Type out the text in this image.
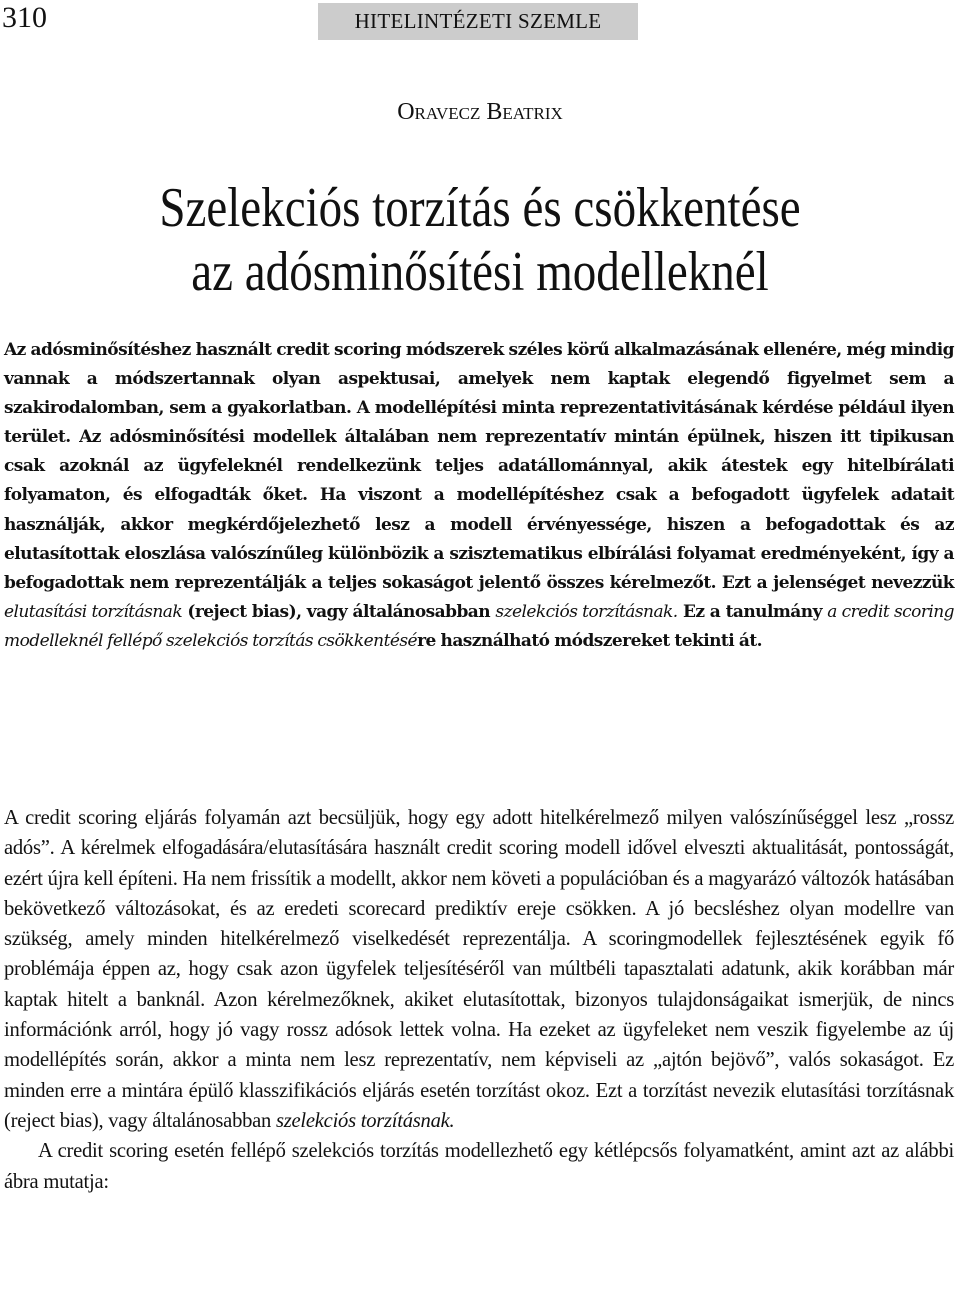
310	HITELINTÉZETI SZEMLE
Oravecz Beatrix
Szelekciós torzítás és csökkentése
az adósminősítési modelleknél

Az adósminősítéshez használt credit scoring módszerek széles körű alkalmazásának ellenére, még mindig vannak a módszertannak olyan aspektusai, amelyek nem kaptak elegendő figyelmet sem a szakirodalomban, sem a gyakorlatban. A modellépítési minta reprezentativitásának kérdése például ilyen terület. Az adósminősítési modellek általában nem reprezentatív mintán épülnek, hiszen itt tipikusan csak azoknál az ügyfeleknél rendelkezünk teljes adatállománnyal, akik átestek egy hitelbírálati folyamaton, és elfogadták őket. Ha viszont a modellépítéshez csak a befogadott ügyfelek adatait használják, akkor megkérdőjelezhető lesz a modell érvényessége, hiszen a befogadottak és az elutasítottak eloszlása valószínűleg különbözik a szisztematikus elbírálási folyamat eredményeként, így a befogadottak nem reprezentálják a teljes sokaságot jelentő összes kérelmezőt. Ezt a jelenséget nevezzük elutasítási torzításnak (reject bias), vagy általánosabban szelekciós torzításnak. Ez a tanulmány a credit scoring modelleknél fellépő szelekciós torzítás csökkentésére használható módszereket tekinti át.

A credit scoring eljárás folyamán azt becsüljük, hogy egy adott hitelkérelmező milyen valószínűséggel lesz „rossz adós”. A kérelmek elfogadására/elutasítására használt credit scoring modell idővel elveszti aktualitását, pontosságát, ezért újra kell építeni. Ha nem frissítik a modellt, akkor nem követi a populációban és a magyarázó változók hatásában bekövetkező változásokat, és az eredeti scorecard prediktív ereje csökken. A jó becsléshez olyan modellre van szükség, amely minden hitelkérelmező viselkedését reprezentálja. A scoringmodellek fejlesztésének egyik fő problémája éppen az, hogy csak azon ügyfelek teljesítéséről van múltbéli tapasztalati adatunk, akik korábban már kaptak hitelt a banknál. Azon kérelmezőknek, akiket elutasítottak, bizonyos tulajdonságaikat ismerjük, de nincs információnk arról, hogy jó vagy rossz adósok lettek volna. Ha ezeket az ügyfeleket nem veszik figyelembe az új modellépítés során, akkor a minta nem lesz reprezentatív, nem képviseli az „ajtón bejövő”, valós sokaságot. Ez minden erre a mintára épülő klasszifikációs eljárás esetén torzítást okoz. Ezt a torzítást nevezik elutasítási torzításnak (reject bias), vagy általánosabban szelekciós torzításnak.

A credit scoring esetén fellépő szelekciós torzítás modellezhető egy kétlépcsős folyamatként, amint azt az alábbi ábra mutatja:
